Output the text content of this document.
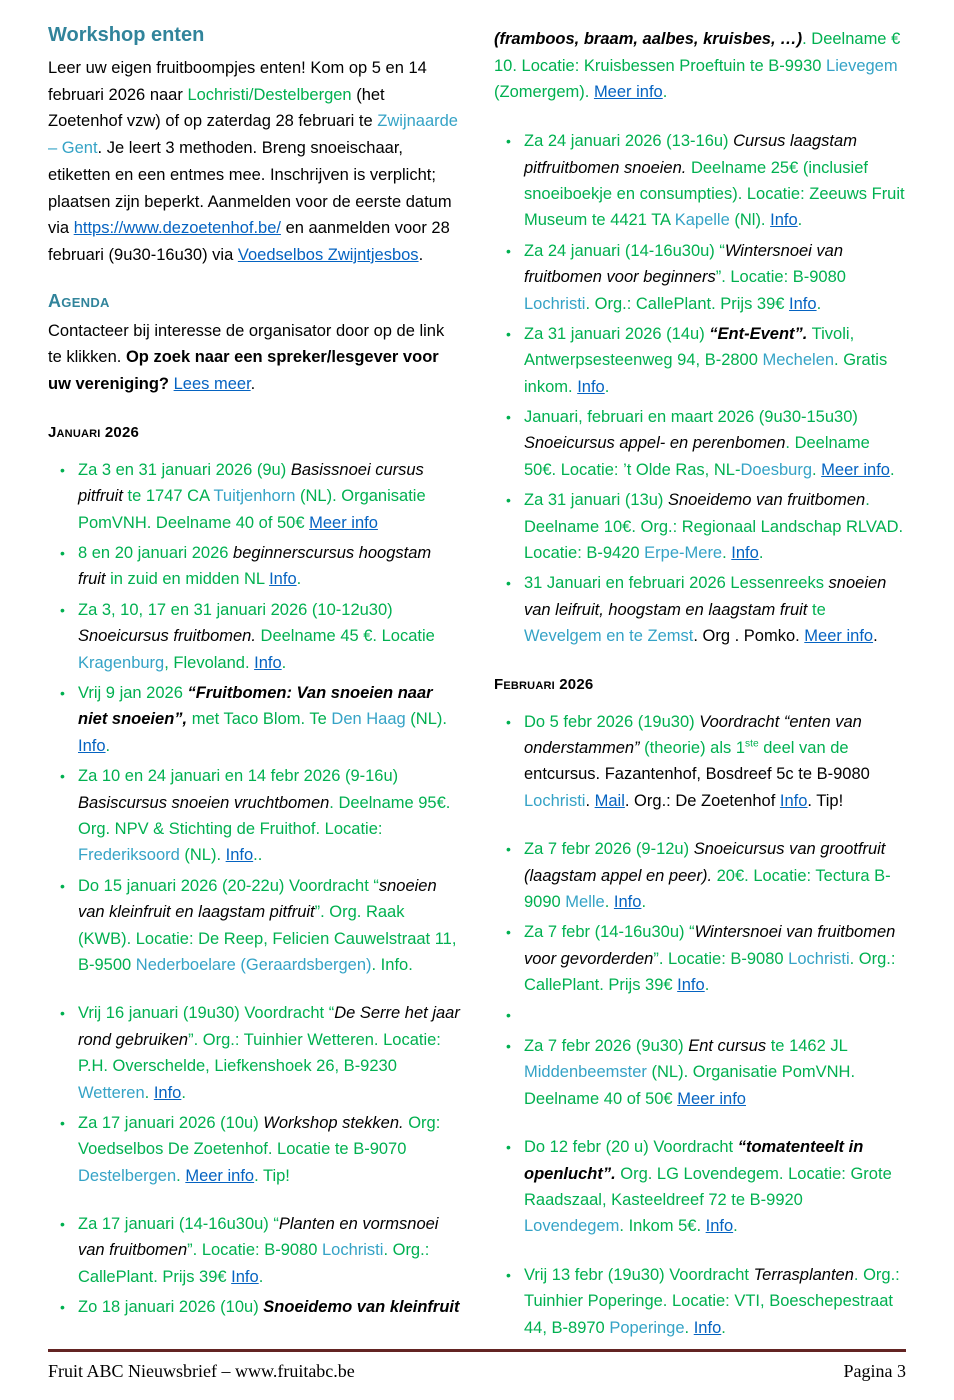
Workshop enten

Leer uw eigen fruitboompjes enten! Kom op 5 en 14 februari 2026 naar Lochristi/Destelbergen (het Zoetenhof vzw) of op zaterdag 28 februari te Zwijnaarde – Gent. Je leert 3 methoden. Breng snoeischaar, etiketten en een entmes mee. Inschrijven is verplicht; plaatsen zijn beperkt. Aanmelden voor de eerste datum via https://www.dezoetenhof.be/ en aanmelden voor 28 februari (9u30-16u30) via Voedselbos Zwijntjesbos.

Agenda

Contacteer bij interesse de organisator door op de link te klikken. Op zoek naar een spreker/lesgever voor uw vereniging? Lees meer.

Januari 2026
• Za 3 en 31 januari 2026 (9u) Basissnoei cursus pitfruit te 1747 CA Tuitjenhorn (NL). Organisatie PomVNH. Deelname 40 of 50€ Meer info
• 8 en 20 januari 2026 beginnerscursus hoogstam fruit in zuid en midden NL Info.
• Za 3, 10, 17 en 31 januari 2026 (10-12u30) Snoeicursus fruitbomen. Deelname 45 €. Locatie Kragenburg, Flevoland. Info.
• Vrij 9 jan 2026 “Fruitbomen: Van snoeien naar niet snoeien”, met Taco Blom. Te Den Haag (NL). Info.
• Za 10 en 24 januari en 14 febr 2026 (9-16u) Basiscursus snoeien vruchtbomen. Deelname 95€. Org. NPV & Stichting de Fruithof. Locatie: Frederiksoord (NL). Info..
• Do 15 januari 2026 (20-22u) Voordracht “snoeien van kleinfruit en laagstam pitfruit”. Org. Raak (KWB). Locatie: De Reep, Felicien Cauwelstraat 11, B-9500 Nederboelare (Geraardsbergen). Info.
• Vrij 16 januari (19u30) Voordracht “De Serre het jaar rond gebruiken”. Org.: Tuinhier Wetteren. Locatie: P.H. Overschelde, Liefkenshoek 26, B-9230 Wetteren. Info.
• Za 17 januari 2026 (10u) Workshop stekken. Org: Voedselbos De Zoetenhof. Locatie te B-9070 Destelbergen. Meer info. Tip!
• Za 17 januari (14-16u30u) “Planten en vormsnoei van fruitbomen”. Locatie: B-9080 Lochristi. Org.: CallePlant. Prijs 39€ Info.
• Zo 18 januari 2026 (10u) Snoeidemo van kleinfruit

(framboos, braam, aalbes, kruisbes, …). Deelname € 10. Locatie: Kruisbessen Proeftuin te B-9930 Lievegem (Zomergem). Meer info.

• Za 24 januari 2026 (13-16u) Cursus laagstam pitfruitbomen snoeien. Deelname 25€ (inclusief snoeiboekje en consumpties). Locatie: Zeeuws Fruit Museum te 4421 TA Kapelle (Nl). Info.
• Za 24 januari (14-16u30u) “Wintersnoei van fruitbomen voor beginners”. Locatie: B-9080 Lochristi. Org.: CallePlant. Prijs 39€ Info.
• Za 31 januari 2026 (14u) “Ent-Event”. Tivoli, Antwerpsesteenweg 94, B-2800 Mechelen. Gratis inkom. Info.
• Januari, februari en maart 2026 (9u30-15u30) Snoeicursus appel- en perenbomen. Deelname 50€. Locatie: ’t Olde Ras, NL-Doesburg. Meer info.
• Za 31 januari (13u) Snoeidemo van fruitbomen. Deelname 10€. Org.: Regionaal Landschap RLVAD. Locatie: B-9420 Erpe-Mere. Info.
• 31 Januari en februari 2026 Lessenreeks snoeien van leifruit, hoogstam en laagstam fruit te Wevelgem en te Zemst. Org . Pomko. Meer info.
Februari 2026
• Do 5 febr 2026 (19u30) Voordracht “enten van onderstammen” (theorie) als 1ste deel van de entcursus. Fazantenhof, Bosdreef 5c te B-9080 Lochristi. Mail. Org.: De Zoetenhof Info. Tip!
• Za 7 febr 2026 (9-12u) Snoeicursus van grootfruit (laagstam appel en peer). 20€. Locatie: Tectura B-9090 Melle. Info.
• Za 7 febr (14-16u30u) “Wintersnoei van fruitbomen voor gevorderden”. Locatie: B-9080 Lochristi. Org.: CallePlant. Prijs 39€ Info.
•
• Za 7 febr 2026 (9u30) Ent cursus te 1462 JL Middenbeemster (NL). Organisatie PomVNH. Deelname 40 of 50€ Meer info
• Do 12 febr (20 u) Voordracht “tomatenteelt in openlucht”. Org. LG Lovendegem. Locatie: Grote Raadszaal, Kasteeldreef 72 te B-9920 Lovendegem. Inkom 5€. Info.
• Vrij 13 febr (19u30) Voordracht Terrasplanten. Org.: Tuinhier Poperinge. Locatie: VTI, Boeschepestraat 44, B-8970 Poperinge. Info.
Fruit ABC Nieuwsbrief – www.fruitabc.be	Pagina 3
